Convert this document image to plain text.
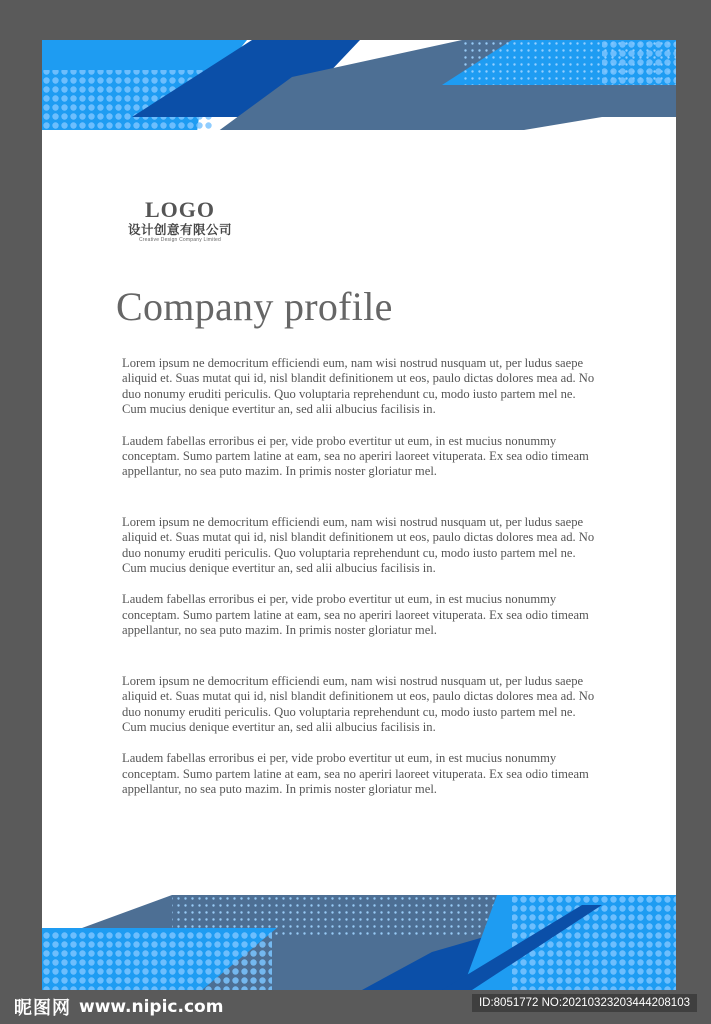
LOGO
设计创意有限公司
Creative Design Company Limited
Company profile

Lorem ipsum ne democritum efficiendi eum, nam wisi nostrud nusquam ut, per ludus saepe aliquid et. Suas mutat qui id, nisl blandit definitionem ut eos, paulo dictas dolores mea ad. No duo nonumy eruditi periculis. Quo voluptaria reprehendunt cu, modo iusto partem mel ne. Cum mucius denique evertitur an, sed alii albucius facilisis in.

Laudem fabellas erroribus ei per, vide probo evertitur ut eum, in est mucius nonummy conceptam. Sumo partem latine at eam, sea no aperiri laoreet vituperata. Ex sea odio timeam appellantur, no sea puto mazim. In primis noster gloriatur mel.

Lorem ipsum ne democritum efficiendi eum, nam wisi nostrud nusquam ut, per ludus saepe aliquid et. Suas mutat qui id, nisl blandit definitionem ut eos, paulo dictas dolores mea ad. No duo nonumy eruditi periculis. Quo voluptaria reprehendunt cu, modo iusto partem mel ne. Cum mucius denique evertitur an, sed alii albucius facilisis in.

Laudem fabellas erroribus ei per, vide probo evertitur ut eum, in est mucius nonummy conceptam. Sumo partem latine at eam, sea no aperiri laoreet vituperata. Ex sea odio timeam appellantur, no sea puto mazim. In primis noster gloriatur mel.

Lorem ipsum ne democritum efficiendi eum, nam wisi nostrud nusquam ut, per ludus saepe aliquid et. Suas mutat qui id, nisl blandit definitionem ut eos, paulo dictas dolores mea ad. No duo nonumy eruditi periculis. Quo voluptaria reprehendunt cu, modo iusto partem mel ne. Cum mucius denique evertitur an, sed alii albucius facilisis in.

Laudem fabellas erroribus ei per, vide probo evertitur ut eum, in est mucius nonummy conceptam. Sumo partem latine at eam, sea no aperiri laoreet vituperata. Ex sea odio timeam appellantur, no sea puto mazim. In primis noster gloriatur mel.

昵图网 www.nipic.com	ID:8051772 NO:20210323203444208103
